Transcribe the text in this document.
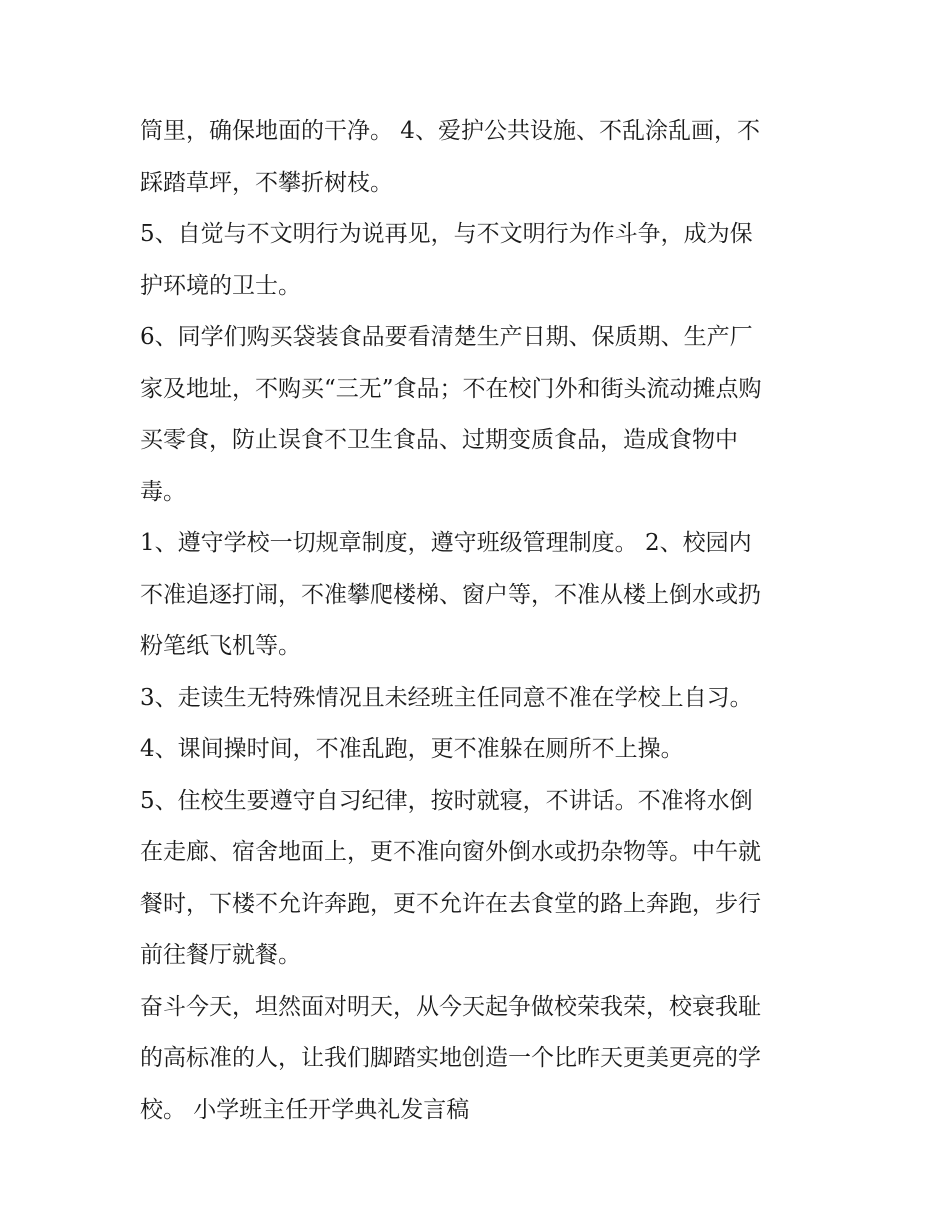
筒里，确保地面的干净。 4、爱护公共设施、不乱涂乱画，不
踩踏草坪，不攀折树枝。

5、自觉与不文明行为说再见，与不文明行为作斗争，成为保
护环境的卫士。

6、同学们购买袋装食品要看清楚生产日期、保质期、生产厂
家及地址，不购买“三无”食品；不在校门外和街头流动摊点购
买零食，防止误食不卫生食品、过期变质食品，造成食物中
毒。

1、遵守学校一切规章制度，遵守班级管理制度。 2、校园内
不准追逐打闹，不准攀爬楼梯、窗户等，不准从楼上倒水或扔
粉笔纸飞机等。

3、走读生无特殊情况且未经班主任同意不准在学校上自习。

4、课间操时间，不准乱跑，更不准躲在厕所不上操。

5、住校生要遵守自习纪律，按时就寝，不讲话。不准将水倒
在走廊、宿舍地面上，更不准向窗外倒水或扔杂物等。中午就
餐时，下楼不允许奔跑，更不允许在去食堂的路上奔跑，步行
前往餐厅就餐。

奋斗今天，坦然面对明天，从今天起争做校荣我荣，校衰我耻
的高标准的人，让我们脚踏实地创造一个比昨天更美更亮的学
校。 小学班主任开学典礼发言稿
